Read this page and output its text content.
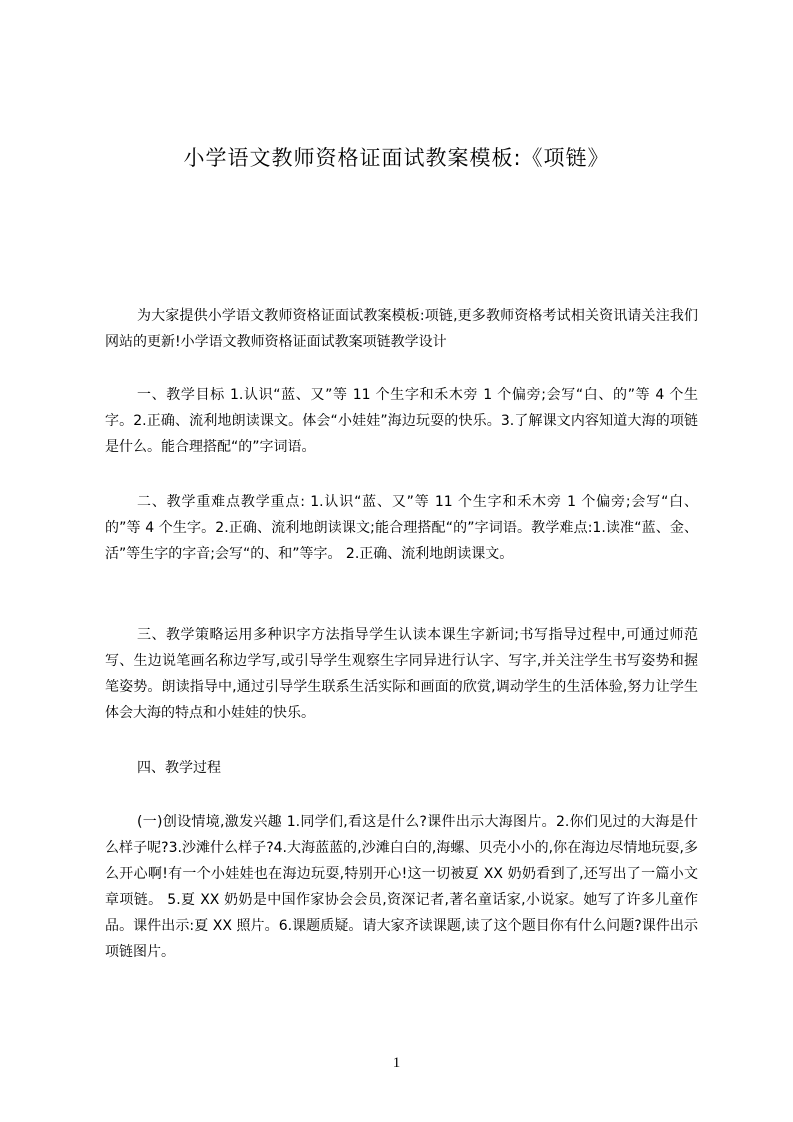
小学语文教师资格证面试教案模板:《项链》

为大家提供小学语文教师资格证面试教案模板:项链,更多教师资格考试相关资讯请关注我们网站的更新!小学语文教师资格证面试教案项链教学设计

一、教学目标 1.认识“蓝、又”等 11 个生字和禾木旁 1 个偏旁;会写“白、的”等 4 个生字。2.正确、流利地朗读课文。体会“小娃娃”海边玩耍的快乐。3.了解课文内容知道大海的项链是什么。能合理搭配“的”字词语。

二、教学重难点教学重点: 1.认识“蓝、又”等 11 个生字和禾木旁 1 个偏旁;会写“白、的”等 4 个生字。2.正确、流利地朗读课文;能合理搭配“的”字词语。教学难点:1.读准“蓝、金、活”等生字的字音;会写“的、和”等字。 2.正确、流利地朗读课文。

三、教学策略运用多种识字方法指导学生认读本课生字新词;书写指导过程中,可通过师范写、生边说笔画名称边学写,或引导学生观察生字同异进行认字、写字,并关注学生书写姿势和握笔姿势。朗读指导中,通过引导学生联系生活实际和画面的欣赏,调动学生的生活体验,努力让学生体会大海的特点和小娃娃的快乐。

四、教学过程

(一)创设情境,激发兴趣 1.同学们,看这是什么?课件出示大海图片。2.你们见过的大海是什么样子呢?3.沙滩什么样子?4.大海蓝蓝的,沙滩白白的,海螺、贝壳小小的,你在海边尽情地玩耍,多么开心啊!有一个小娃娃也在海边玩耍,特别开心!这一切被夏 XX 奶奶看到了,还写出了一篇小文章项链。 5.夏 XX 奶奶是中国作家协会会员,资深记者,著名童话家,小说家。她写了许多儿童作品。课件出示:夏 XX 照片。6.课题质疑。请大家齐读课题,读了这个题目你有什么问题?课件出示项链图片。

1
